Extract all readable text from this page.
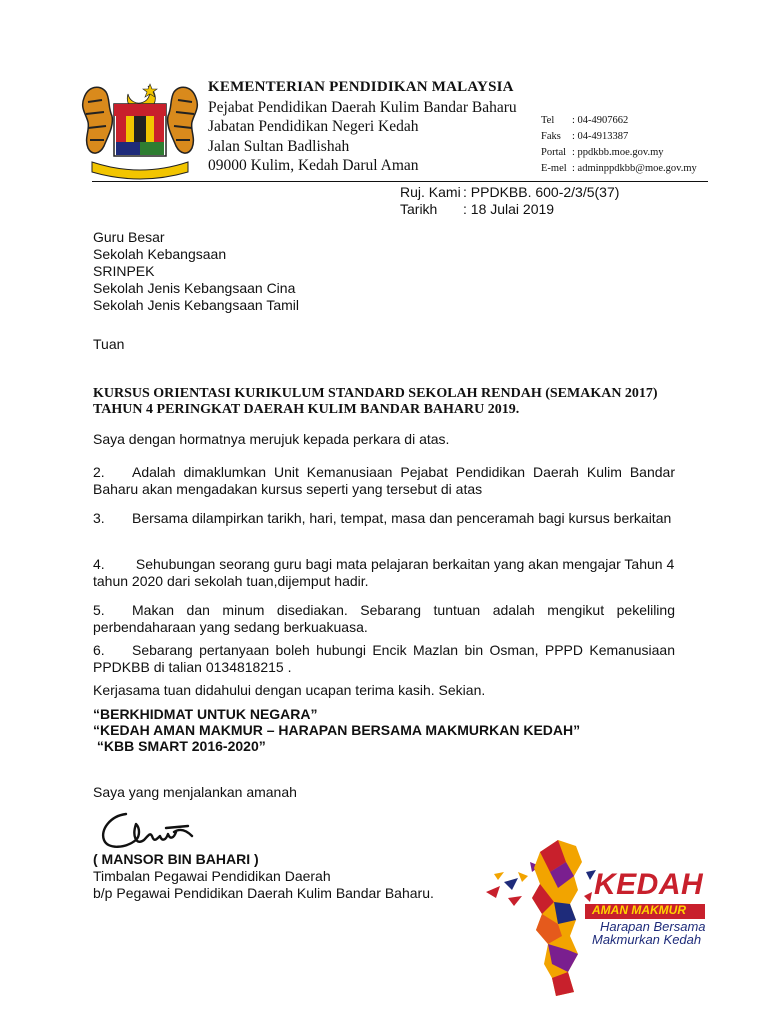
KEMENTERIAN PENDIDIKAN MALAYSIA
Pejabat Pendidikan Daerah Kulim Bandar Baharu
Jabatan Pendidikan Negeri Kedah
Jalan Sultan Badlishah
09000 Kulim, Kedah Darul Aman
Tel : 04-4907662
Faks : 04-4913387
Portal : ppdkbb.moe.gov.my
E-mel : adminppdkbb@moe.gov.my
Ruj. Kami : PPDKBB. 600-2/3/5(37)
Tarikh : 18 Julai 2019
Guru Besar
Sekolah Kebangsaan
SRINPEK
Sekolah Jenis Kebangsaan Cina
Sekolah Jenis Kebangsaan Tamil
Tuan
KURSUS ORIENTASI KURIKULUM STANDARD SEKOLAH RENDAH (SEMAKAN 2017)
TAHUN 4 PERINGKAT DAERAH KULIM BANDAR BAHARU 2019.
Saya dengan hormatnya merujuk kepada perkara di atas.
2. Adalah dimaklumkan Unit Kemanusiaan Pejabat Pendidikan Daerah Kulim Bandar Baharu akan mengadakan kursus seperti yang tersebut di atas
3. Bersama dilampirkan tarikh, hari, tempat, masa dan penceramah bagi kursus berkaitan
4. Sehubungan seorang guru bagi mata pelajaran berkaitan yang akan mengajar Tahun 4 tahun 2020 dari sekolah tuan,dijemput hadir.
5. Makan dan minum disediakan. Sebarang tuntuan adalah mengikut pekeliling perbendaharaan yang sedang berkuakuasa.
6. Sebarang pertanyaan boleh hubungi Encik Mazlan bin Osman, PPPD Kemanusiaan PPDKBB di talian 0134818215 .
Kerjasama tuan didahului dengan ucapan terima kasih. Sekian.
“BERKHIDMAT UNTUK NEGARA”
“KEDAH AMAN MAKMUR – HARAPAN BERSAMA MAKMURKAN KEDAH”
“KBB SMART 2016-2020”
Saya yang menjalankan amanah
( MANSOR BIN BAHARI )
Timbalan Pegawai Pendidikan Daerah
b/p Pegawai Pendidikan Daerah Kulim Bandar Baharu.	KEDAH
AMAN MAKMUR
Harapan Bersama
Makmurkan Kedah
